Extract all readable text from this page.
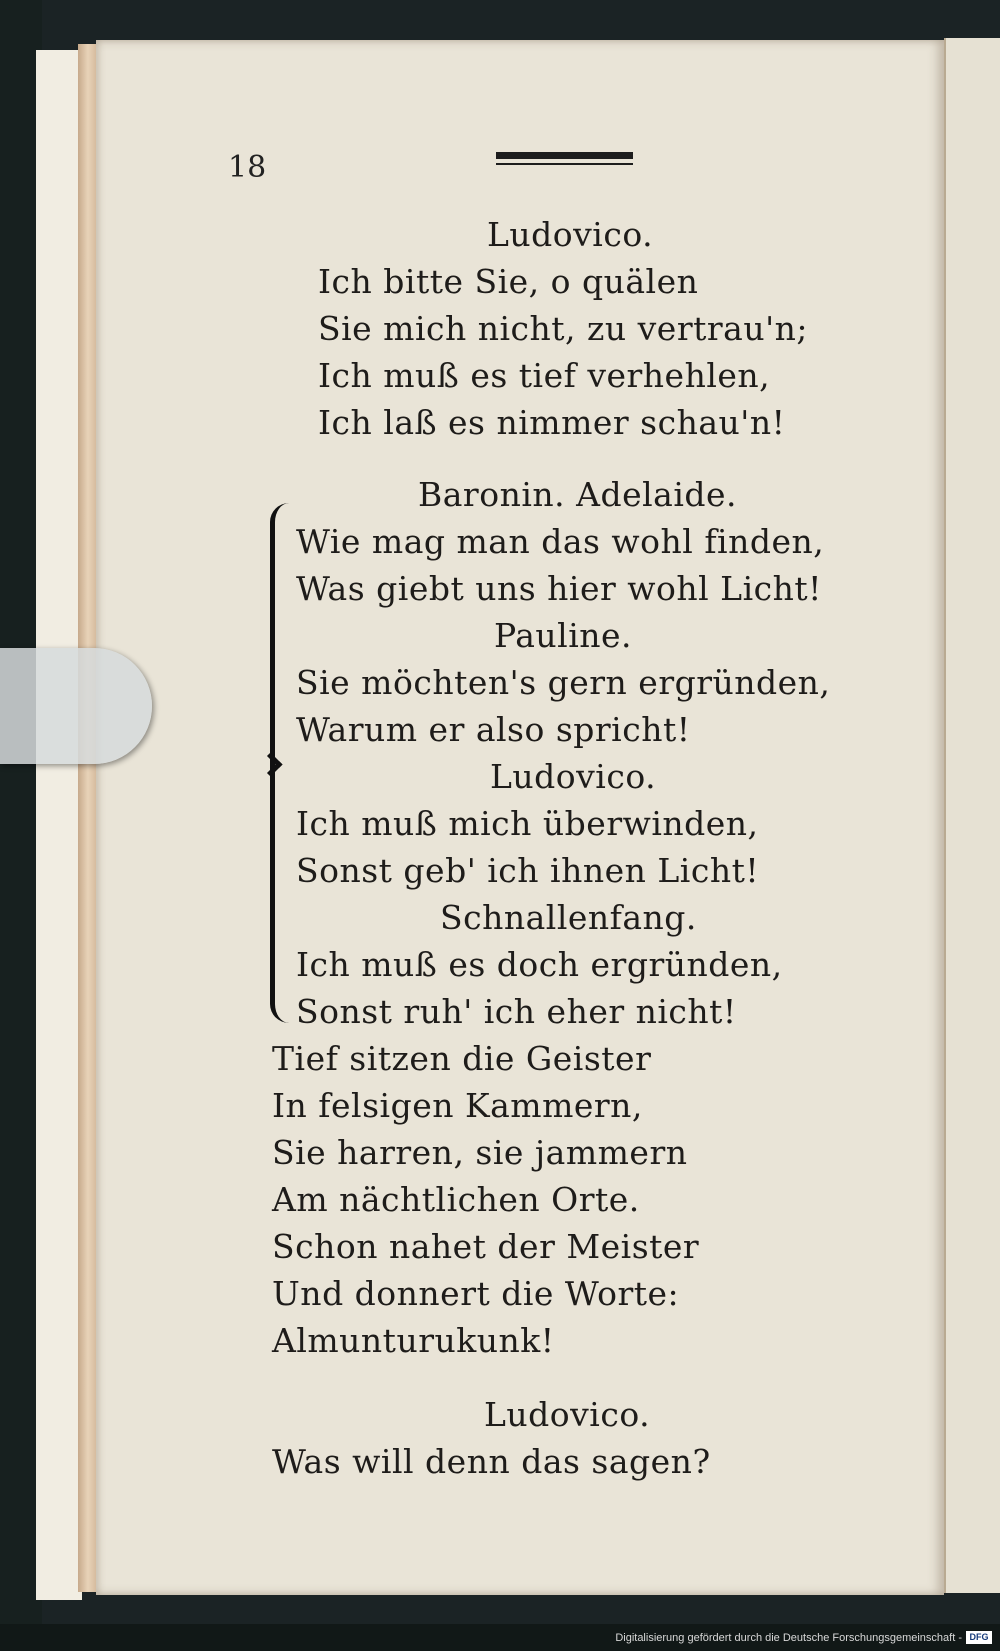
18
Ludovico.
Ich bitte Sie, o quälen
Sie mich nicht, zu vertrau'n;
Ich muß es tief verhehlen,
Ich laß es nimmer schau'n!
Baronin. Adelaide.
Wie mag man das wohl finden,
Was giebt uns hier wohl Licht!
Pauline.
Sie möchten's gern ergründen,
Warum er also spricht!
Ludovico.
Ich muß mich überwinden,
Sonst geb' ich ihnen Licht!
Schnallenfang.
Ich muß es doch ergründen,
Sonst ruh' ich eher nicht!
Tief sitzen die Geister
In felsigen Kammern,
Sie harren, sie jammern
Am nächtlichen Orte.
Schon nahet der Meister
Und donnert die Worte:
Almunturukunk!
Ludovico.
Was will denn das sagen?
Digitalisierung gefördert durch die Deutsche Forschungsgemeinschaft - DFG
